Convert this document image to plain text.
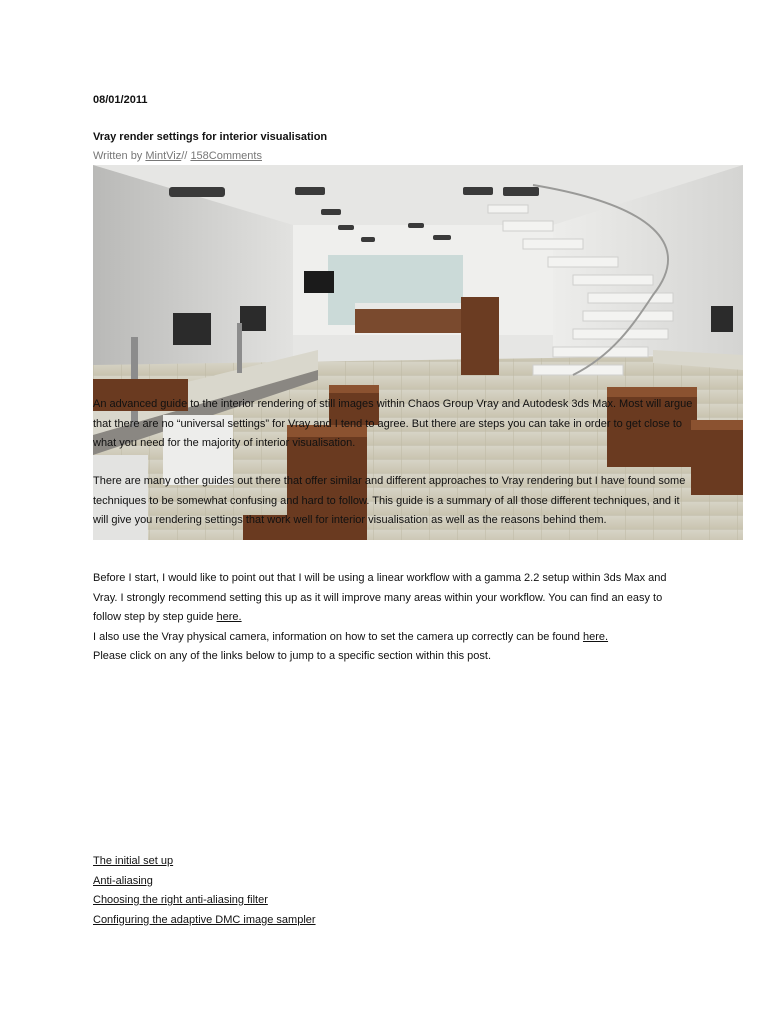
08/01/2011
Vray render settings for interior visualisation
Written by MintViz// 158Comments
An advanced guide to the interior rendering of still images within Chaos Group Vray and Autodesk 3ds Max. Most will argue that there are no “universal settings” for Vray and I tend to agree. But there are steps you can take in order to get close to what you need for the majority of interior visualisation.
There are many other guides out there that offer similar and different approaches to Vray rendering but I have found some techniques to be somewhat confusing and hard to follow. This guide is a summary of all those different techniques, and it will give you rendering settings that work well for interior visualisation as well as the reasons behind them.
Before I start, I would like to point out that I will be using a linear workflow with a gamma 2.2 setup within 3ds Max and Vray. I strongly recommend setting this up as it will improve many areas within your workflow. You can find an easy to follow step by step guide here.
I also use the Vray physical camera, information on how to set the camera up correctly can be found here.
Please click on any of the links below to jump to a specific section within this post.
The initial set up
Anti-aliasing
Choosing the right anti-aliasing filter
Configuring the adaptive DMC image sampler
